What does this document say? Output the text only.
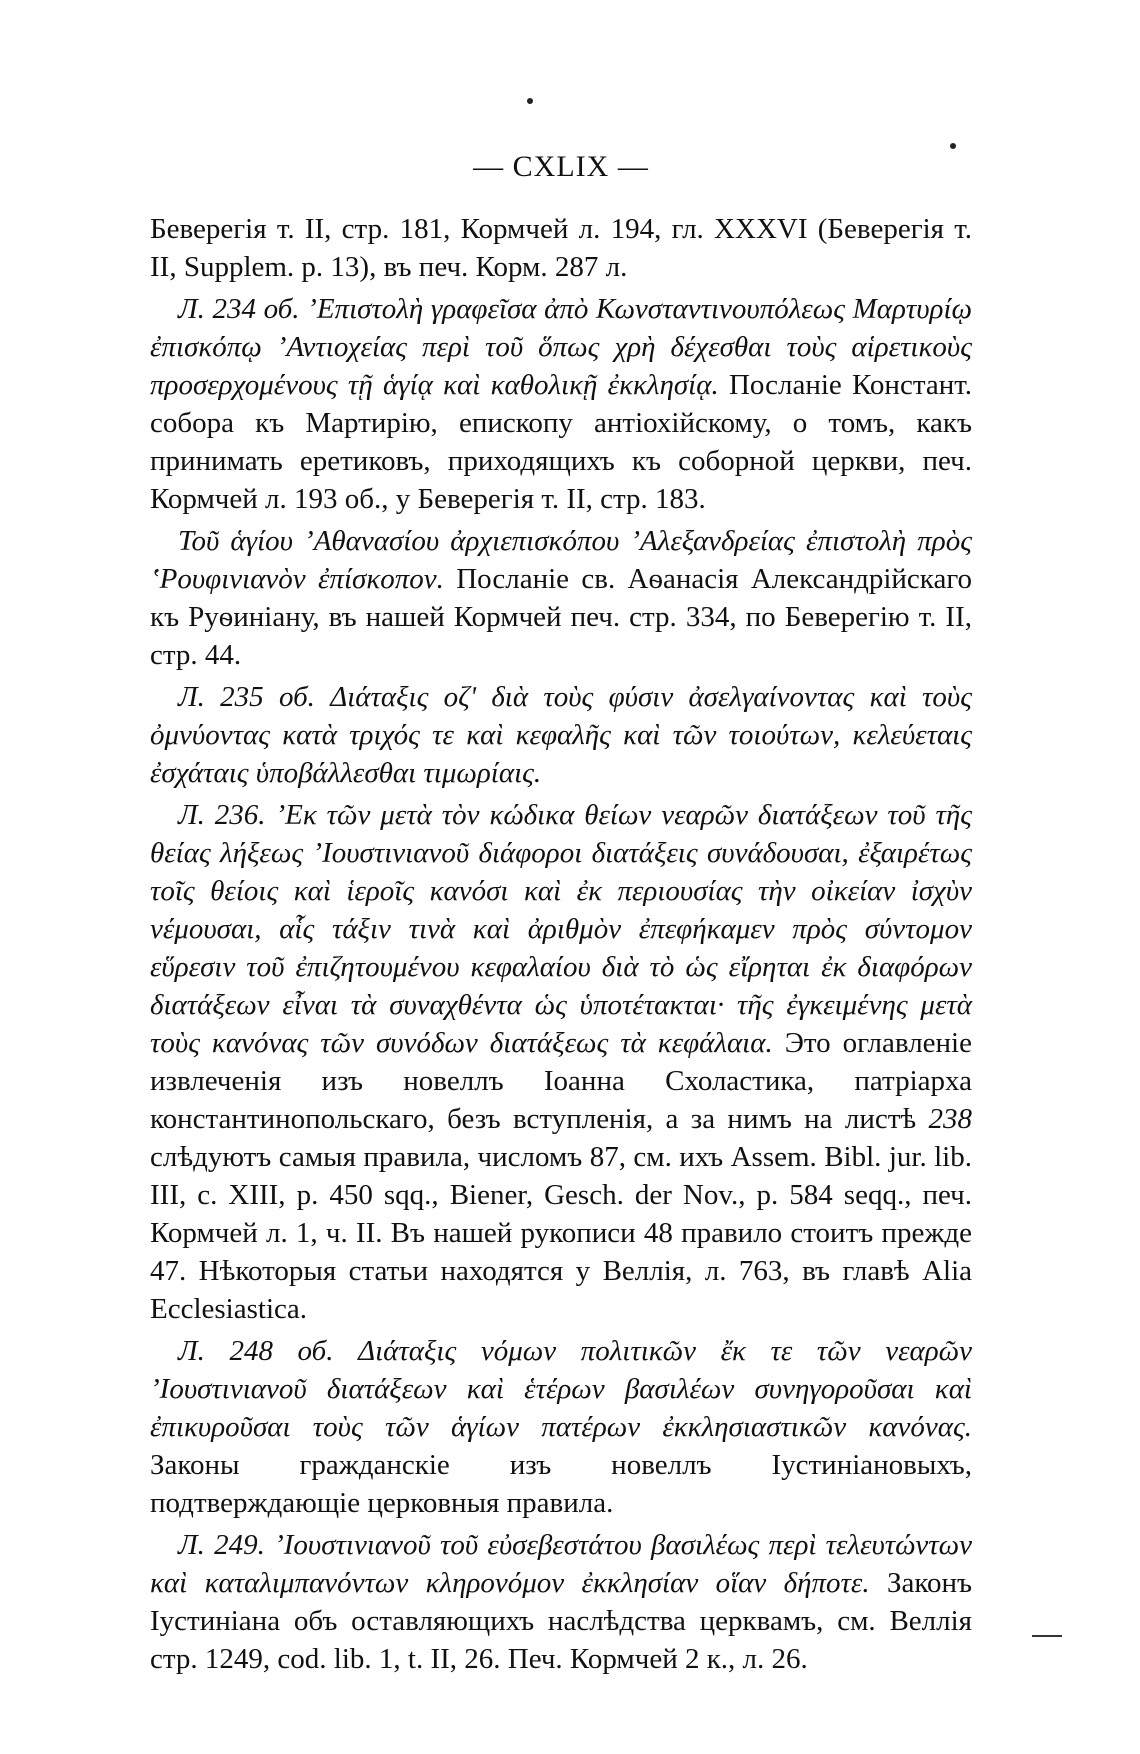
— CXLIX —

Беверегія т. II, стр. 181, Кормчей л. 194, гл. XXXVI (Беверегія т. II, Supplem. p. 13), въ печ. Корм. 287 л.

Л. 234 об. ʼΕπιστολὴ γραφεῖσα ἀπὸ Κωνσταντινουπόλεως Μαρτυρίῳ ἐπισκόπῳ ʼΑντιοχείας περὶ τοῦ ὅπως χρὴ δέχεσθαι τοὺς αἱρετικοὺς προσερχομένους τῇ ἁγίᾳ καὶ καθολικῇ ἐκκλησίᾳ. Посланіе Констант. собора къ Мартирію, епископу антіохійскому, о томъ, какъ принимать еретиковъ, приходящихъ къ соборной церкви, печ. Кормчей л. 193 об., у Беверегія т. II, стр. 183.

Τοῦ ἁγίου ʼΑθανασίου ἀρχιεπισκόπου ʼΑλεξανδρείας ἐπιστολὴ πρὸς ʽΡουφινιανὸν ἐπίσκοπον. Посланіе св. Аѳанасія Александрійскаго къ Руѳиніану, въ нашей Кормчей печ. стр. 334, по Беверегію т. II, стр. 44.

Л. 235 об. Διάταξις οζʹ διὰ τοὺς φύσιν ἀσελγαίνοντας καὶ τοὺς ὀμνύοντας κατὰ τριχός τε καὶ κεφαλῆς καὶ τῶν τοιούτων, κελεύεταις ἐσχάταις ὑποβάλλεσθαι τιμωρίαις.

Л. 236. ʼΕκ τῶν μετὰ τὸν κώδικα θείων νεαρῶν διατάξεων τοῦ τῆς θείας λήξεως ʼΙουστινιανοῦ διάφοροι διατάξεις συνάδουσαι, ἐξαιρέτως τοῖς θείοις καὶ ἱεροῖς κανόσι καὶ ἐκ περιουσίας τὴν οἰκείαν ἰσχὺν νέμουσαι, αἷς τάξιν τινὰ καὶ ἀριθμὸν ἐπεφήκαμεν πρὸς σύντομον εὕρεσιν τοῦ ἐπιζητουμένου κεφαλαίου διὰ τὸ ὡς εἴρηται ἐκ διαφόρων διατάξεων εἶναι τὰ συναχθέντα ὡς ὑποτέτακται· τῆς ἐγκειμένης μετὰ τοὺς κανόνας τῶν συνόδων διατάξεως τὰ κεφάλαια. Это оглавленіе извлеченія изъ новеллъ Іоанна Схоластика, патріарха константинопольскаго, безъ вступленія, а за нимъ на листѣ 238 слѣдуютъ самыя правила, числомъ 87, см. ихъ Assem. Bibl. jur. lib. III, c. XIII, p. 450 sqq., Biener, Gesch. der Nov., p. 584 seqq., печ. Кормчей л. 1, ч. II. Въ нашей рукописи 48 правило стоитъ прежде 47. Нѣкоторыя статьи находятся у Веллія, л. 763, въ главѣ Alia Ecclesiastica.

Л. 248 об. Διάταξις νόμων πολιτικῶν ἔκ τε τῶν νεαρῶν ʼΙουστινιανοῦ διατάξεων καὶ ἑτέρων βασιλέων συνηγοροῦσαι καὶ ἐπικυροῦσαι τοὺς τῶν ἁγίων πατέρων ἐκκλησιαστικῶν κανόνας. Законы гражданскіе изъ новеллъ Іустиніановыхъ, подтверждающіе церковныя правила.

Л. 249. ʼΙουστινιανοῦ τοῦ εὐσεβεστάτου βασιλέως περὶ τελευτώντων καὶ καταλιμπανόντων κληρονόμον ἐκκλησίαν οἵαν δήποτε. Законъ Іустиніана объ оставляющихъ наслѣдства церквамъ, см. Веллія стр. 1249, cod. lib. 1, t. II, 26. Печ. Кормчей 2 к., л. 26.
